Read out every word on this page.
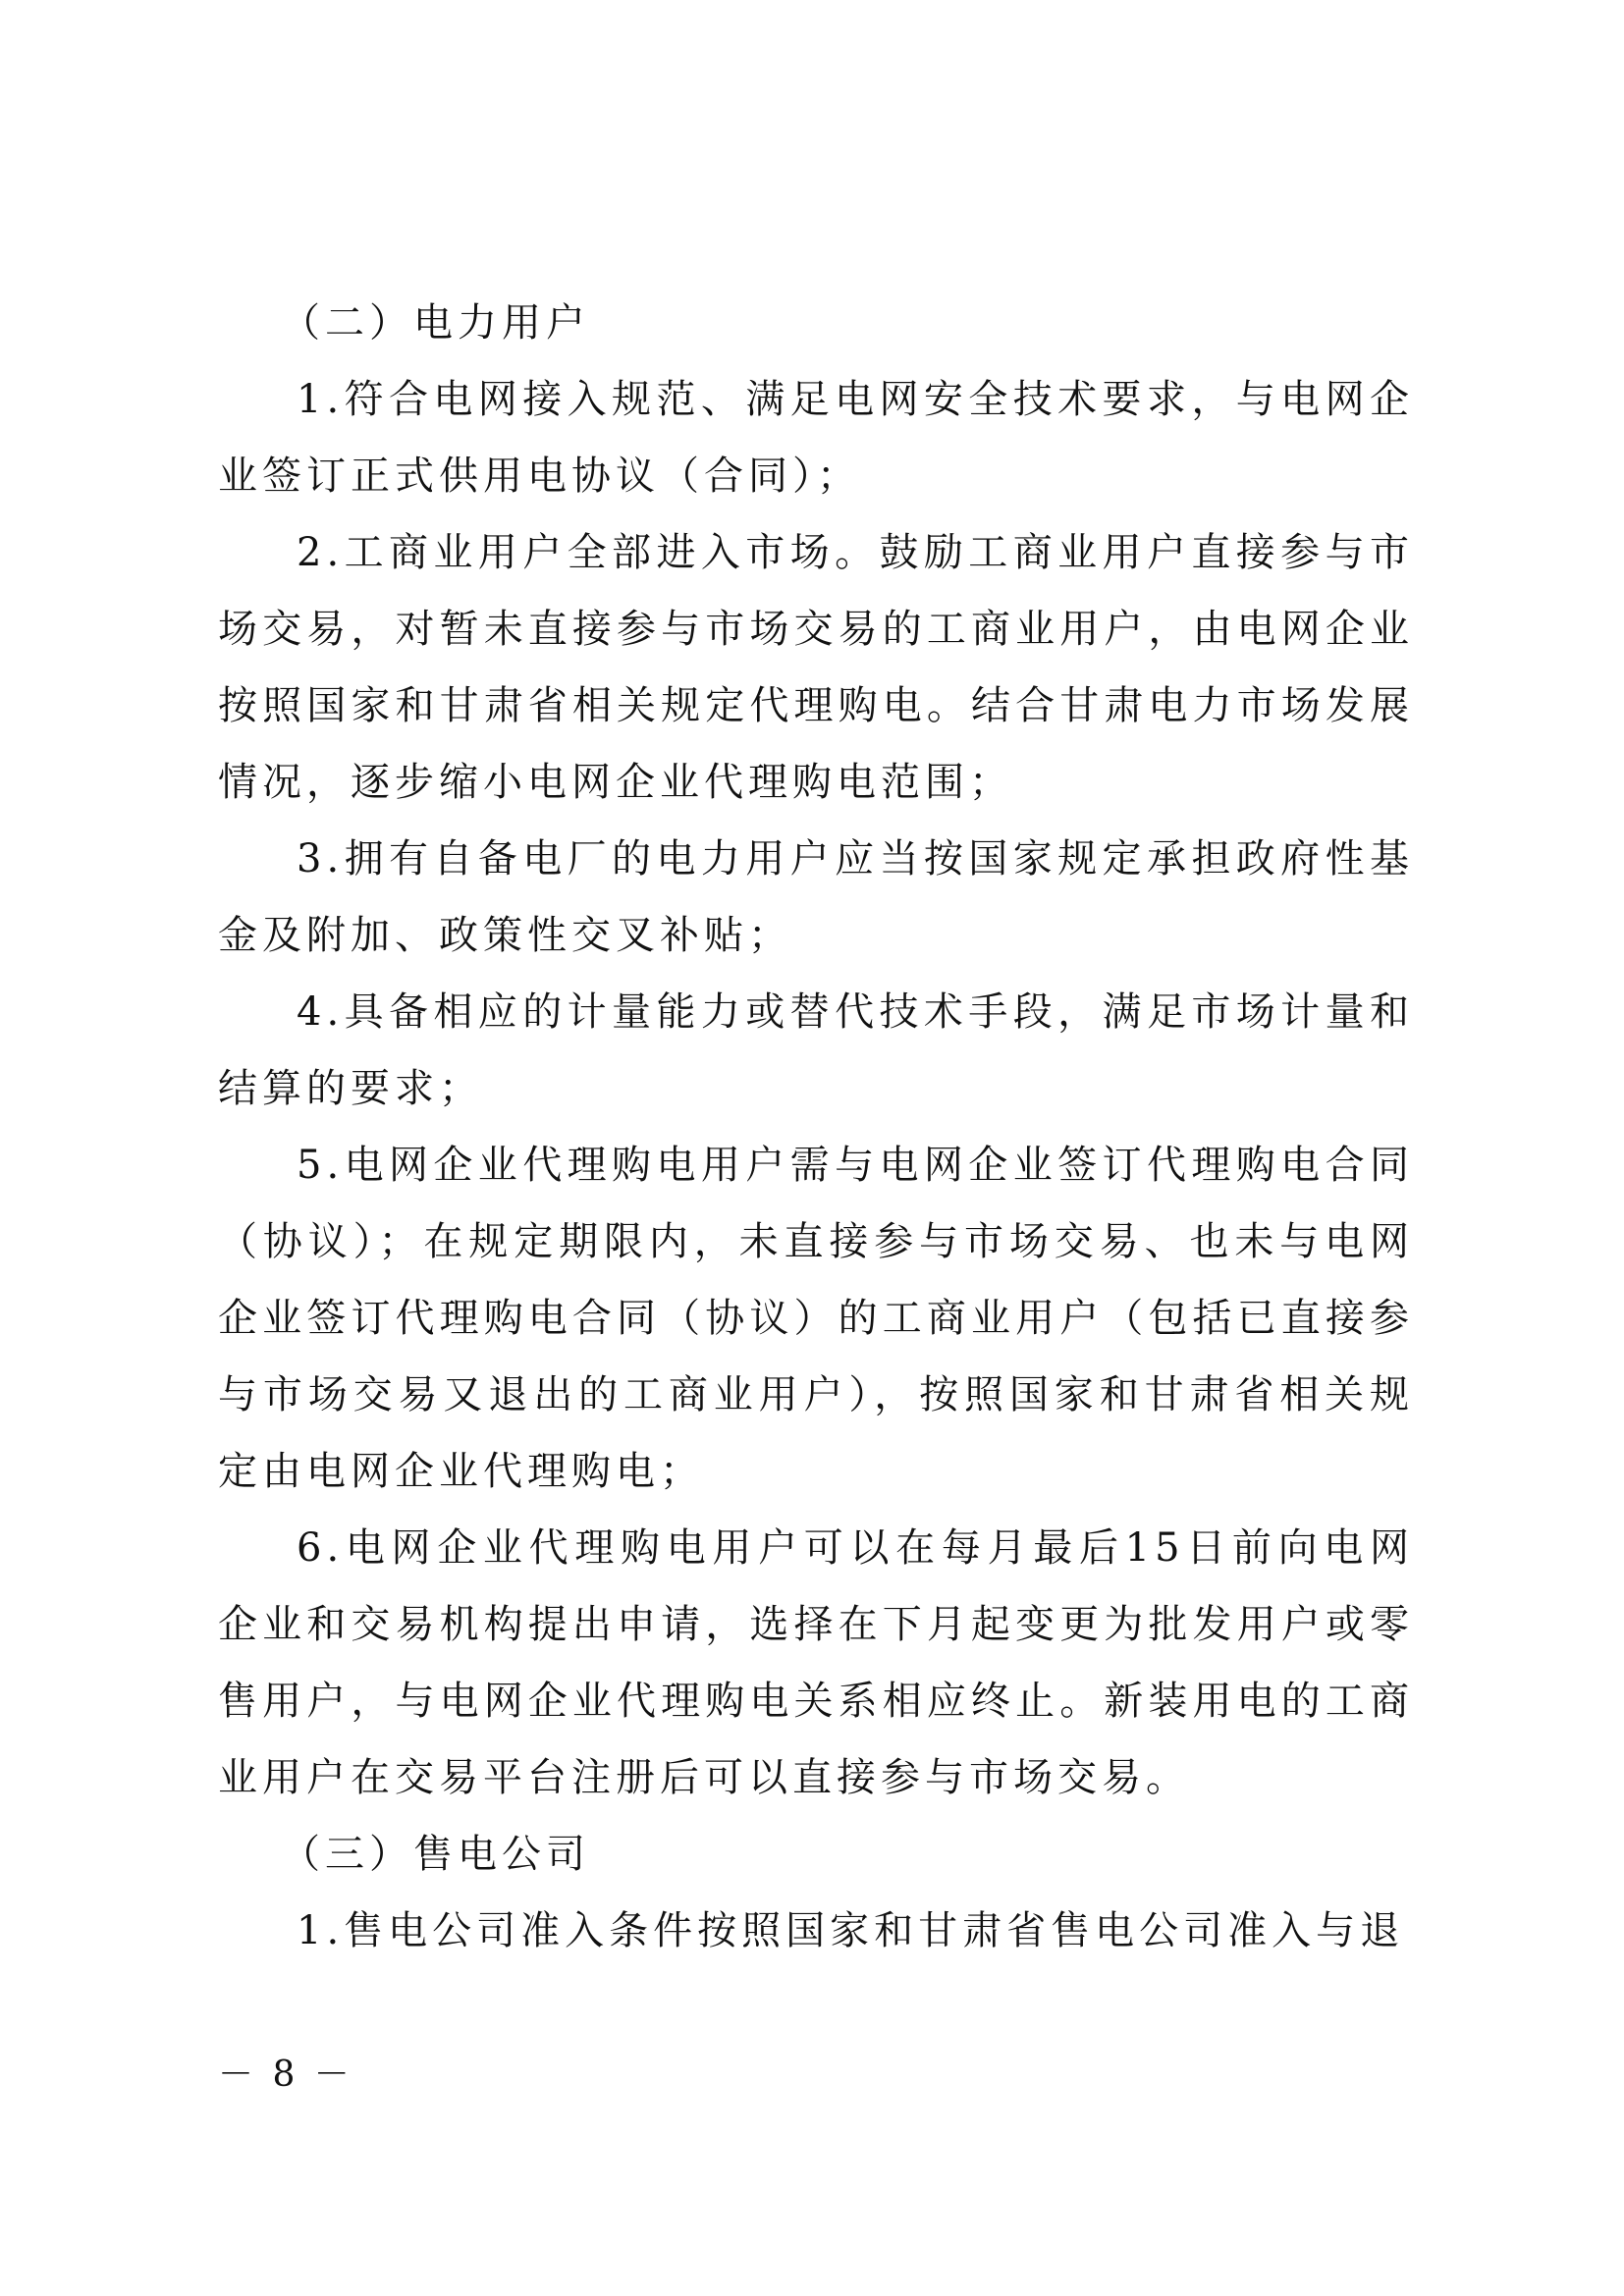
（二）电力用户

1.符合电网接入规范、满足电网安全技术要求，与电网企业签订正式供用电协议（合同）；

2.工商业用户全部进入市场。鼓励工商业用户直接参与市场交易，对暂未直接参与市场交易的工商业用户，由电网企业按照国家和甘肃省相关规定代理购电。结合甘肃电力市场发展情况，逐步缩小电网企业代理购电范围；

3.拥有自备电厂的电力用户应当按国家规定承担政府性基金及附加、政策性交叉补贴；

4.具备相应的计量能力或替代技术手段，满足市场计量和结算的要求；

5.电网企业代理购电用户需与电网企业签订代理购电合同（协议）；在规定期限内，未直接参与市场交易、也未与电网企业签订代理购电合同（协议）的工商业用户（包括已直接参与市场交易又退出的工商业用户），按照国家和甘肃省相关规定由电网企业代理购电；

6.电网企业代理购电用户可以在每月最后15日前向电网企业和交易机构提出申请，选择在下月起变更为批发用户或零售用户，与电网企业代理购电关系相应终止。新装用电的工商业用户在交易平台注册后可以直接参与市场交易。

（三）售电公司

1.售电公司准入条件按照国家和甘肃省售电公司准入与退

－ 8 －
